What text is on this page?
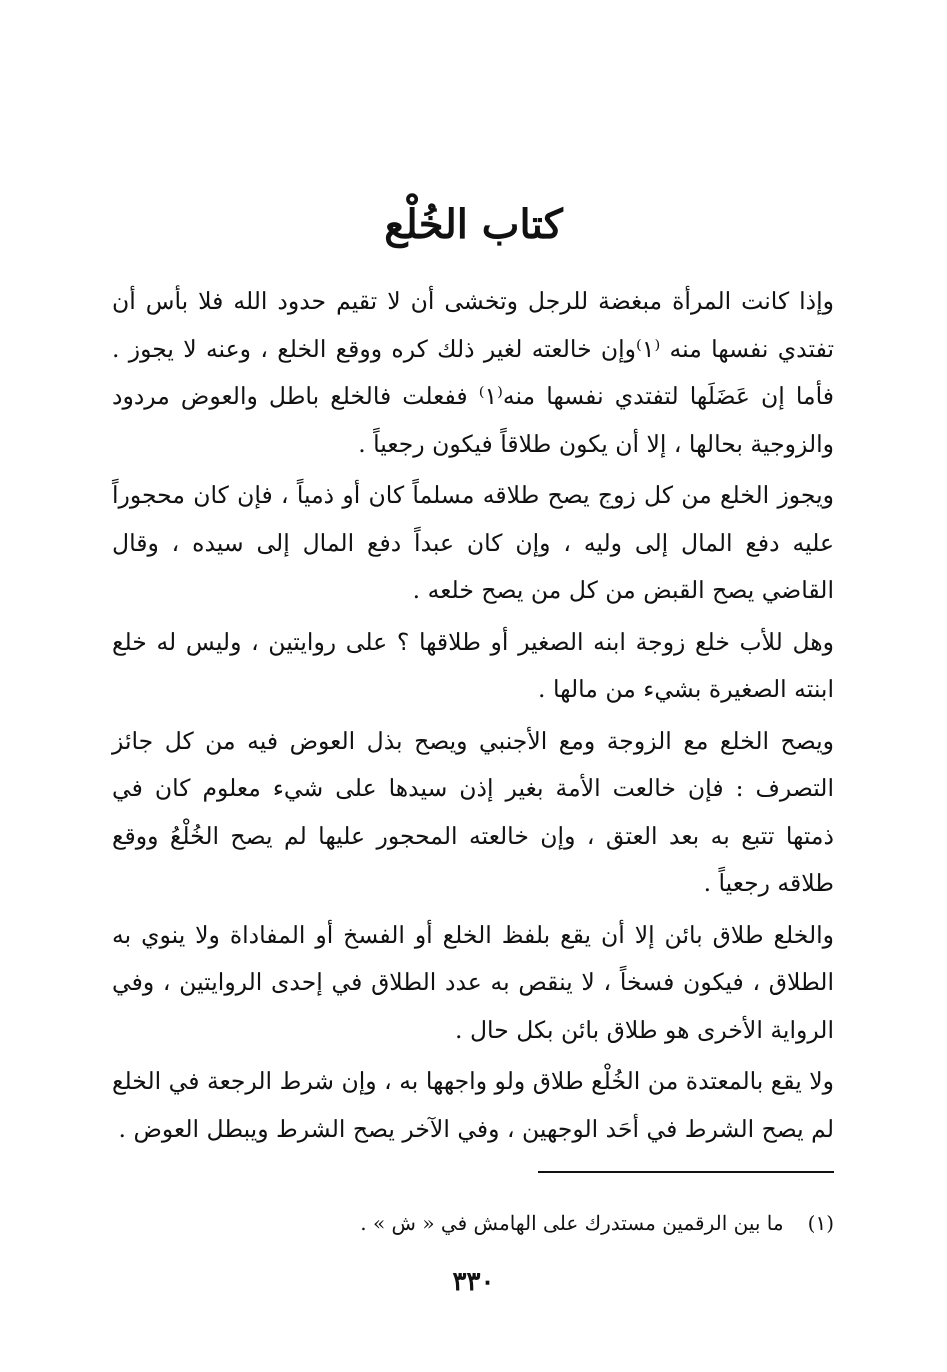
كتاب الخُلْع

وإذا كانت المرأة مبغضة للرجل وتخشى أن لا تقيم حدود الله فلا بأس أن تفتدي نفسها منه ⁽١⁾وإن خالعته لغير ذلك كره ووقع الخلع ، وعنه لا يجوز . فأما إن عَضَلَها لتفتدي نفسها منه⁽١⁾ ففعلت فالخلع باطل والعوض مردود والزوجية بحالها ، إلا أن يكون طلاقاً فيكون رجعياً .

ويجوز الخلع من كل زوج يصح طلاقه مسلماً كان أو ذمياً ، فإن كان محجوراً عليه دفع المال إلى وليه ، وإن كان عبداً دفع المال إلى سيده ، وقال القاضي يصح القبض من كل من يصح خلعه .

وهل للأب خلع زوجة ابنه الصغير أو طلاقها ؟ على روايتين ، وليس له خلع ابنته الصغيرة بشيء من مالها .

ويصح الخلع مع الزوجة ومع الأجنبي ويصح بذل العوض فيه من كل جائز التصرف : فإن خالعت الأمة بغير إذن سيدها على شيء معلوم كان في ذمتها تتبع به بعد العتق ، وإن خالعته المحجور عليها لم يصح الخُلْعُ ووقع طلاقه رجعياً .

والخلع طلاق بائن إلا أن يقع بلفظ الخلع أو الفسخ أو المفاداة ولا ينوي به الطلاق ، فيكون فسخاً ، لا ينقص به عدد الطلاق في إحدى الروايتين ، وفي الرواية الأخرى هو طلاق بائن بكل حال .

ولا يقع بالمعتدة من الخُلْع طلاق ولو واجهها به ، وإن شرط الرجعة في الخلع لم يصح الشرط في أحَد الوجهين ، وفي الآخر يصح الشرط ويبطل العوض .

(١)ما بين الرقمين مستدرك على الهامش في « ش » .

٣٣٠
